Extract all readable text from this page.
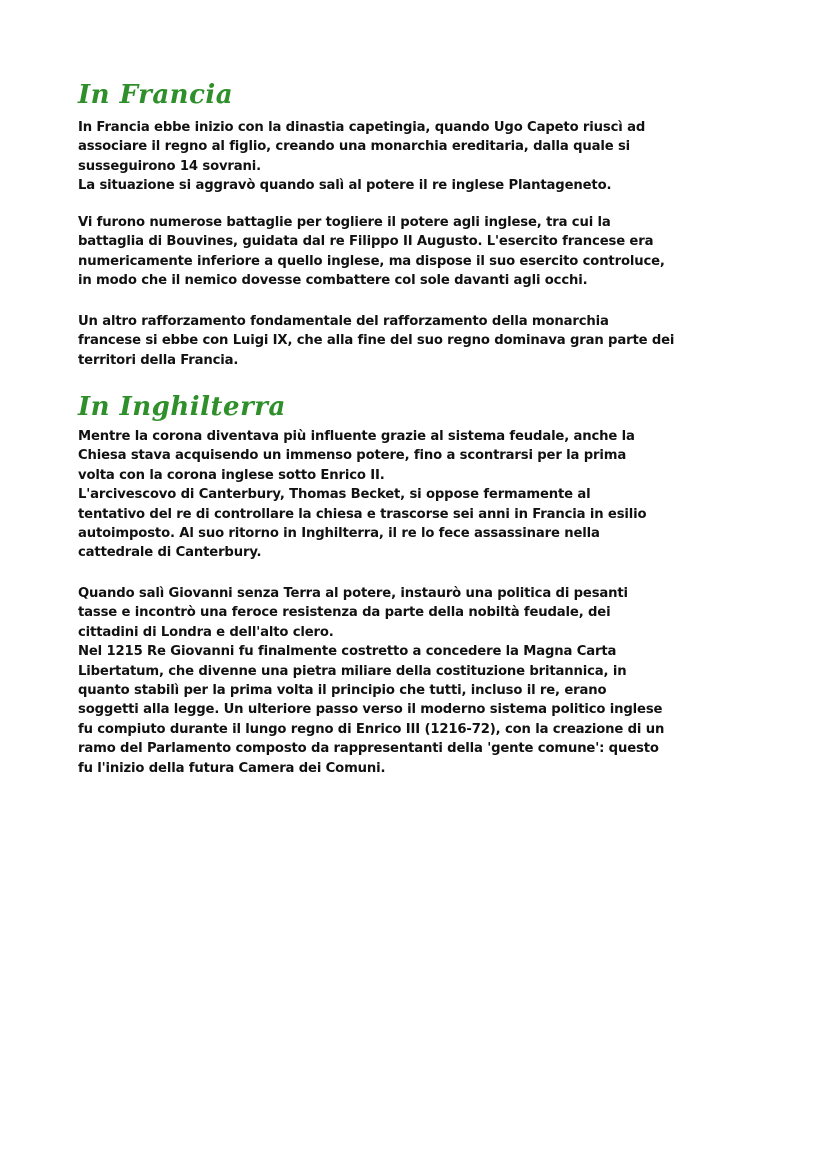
In Francia

In Francia ebbe inizio con la dinastia capetingia, quando Ugo Capeto riuscì ad
associare il regno al figlio, creando una monarchia ereditaria, dalla quale si
susseguirono 14 sovrani.
La situazione si aggravò quando salì al potere il re inglese Plantageneto.

Vi furono numerose battaglie per togliere il potere agli inglese, tra cui la
battaglia di Bouvines, guidata dal re Filippo II Augusto. L'esercito francese era
numericamente inferiore a quello inglese, ma dispose il suo esercito controluce,
in modo che il nemico dovesse combattere col sole davanti agli occhi.

Un altro rafforzamento fondamentale del rafforzamento della monarchia
francese si ebbe con Luigi IX, che alla fine del suo regno dominava gran parte dei
territori della Francia.

In Inghilterra

Mentre la corona diventava più influente grazie al sistema feudale, anche la
Chiesa stava acquisendo un immenso potere, fino a scontrarsi per la prima
volta con la corona inglese sotto Enrico II.
L'arcivescovo di Canterbury, Thomas Becket, si oppose fermamente al
tentativo del re di controllare la chiesa e trascorse sei anni in Francia in esilio
autoimposto. Al suo ritorno in Inghilterra, il re lo fece assassinare nella
cattedrale di Canterbury.

Quando salì Giovanni senza Terra al potere, instaurò una politica di pesanti
tasse e incontrò una feroce resistenza da parte della nobiltà feudale, dei
cittadini di Londra e dell'alto clero.
Nel 1215 Re Giovanni fu finalmente costretto a concedere la Magna Carta
Libertatum, che divenne una pietra miliare della costituzione britannica, in
quanto stabilì per la prima volta il principio che tutti, incluso il re, erano
soggetti alla legge. Un ulteriore passo verso il moderno sistema politico inglese
fu compiuto durante il lungo regno di Enrico III (1216-72), con la creazione di un
ramo del Parlamento composto da rappresentanti della 'gente comune': questo
fu l'inizio della futura Camera dei Comuni.
